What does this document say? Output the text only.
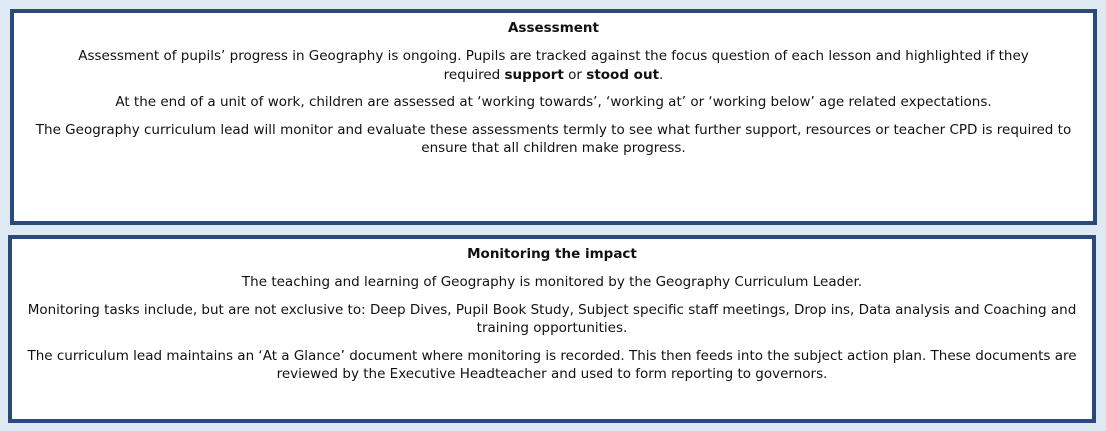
Assessment

Assessment of pupils’ progress in Geography is ongoing. Pupils are tracked against the focus question of each lesson and highlighted if they
required support or stood out.

At the end of a unit of work, children are assessed at ‘working towards’, ‘working at’ or ‘working below’ age related expectations.

The Geography curriculum lead will monitor and evaluate these assessments termly to see what further support, resources or teacher CPD is required to ensure that all children make progress.

Monitoring the impact

The teaching and learning of Geography is monitored by the Geography Curriculum Leader.

Monitoring tasks include, but are not exclusive to: Deep Dives, Pupil Book Study, Subject specific staff meetings, Drop ins, Data analysis and Coaching and training opportunities.

The curriculum lead maintains an ‘At a Glance’ document where monitoring is recorded. This then feeds into the subject action plan. These documents are reviewed by the Executive Headteacher and used to form reporting to governors.
